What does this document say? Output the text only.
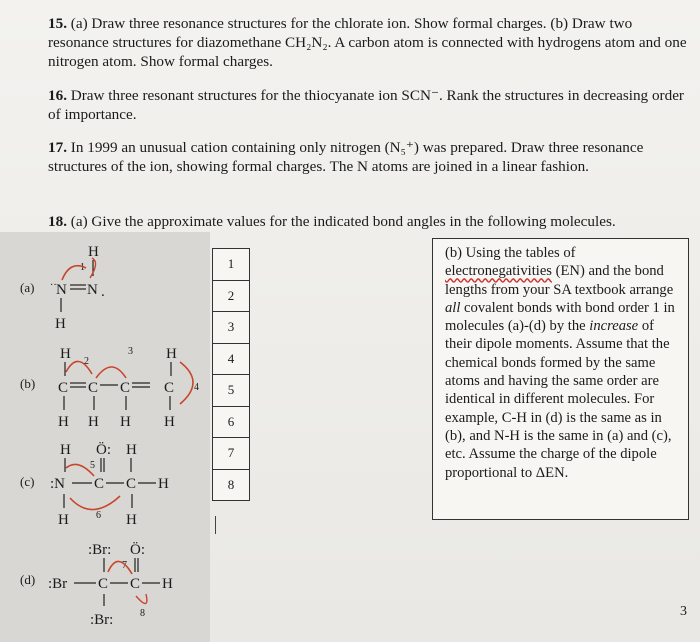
15. (a) Draw three resonance structures for the chlorate ion. Show formal charges. (b) Draw two resonance structures for diazomethane CH₂N₂. A carbon atom is connected with hydrogens atom and one nitrogen atom. Show formal charges.
16. Draw three resonant structures for the thiocyanate ion SCN⁻. Rank the structures in decreasing order of importance.
17. In 1999 an unusual cation containing only nitrogen (N₅⁺) was prepared. Draw three resonance structures of the ion, showing formal charges. The N atoms are joined in a linear fashion.
18. (a) Give the approximate values for the indicated bond angles in the following molecules.
(a)
H
N N
··	.
H
1
(b)
H	H
3
2
C C C C 4
H H H H
(c)
H Ö: H
5
:N C C H
H	6 H
(d)
:Br: Ö:
7
:Br C C H
:Br:	8
1
2
3
4
5
6
7
8
(b) Using the tables of electronegativities (EN) and the bond lengths from your SA textbook arrange all covalent bonds with bond order 1 in molecules (a)-(d) by the increase of their dipole moments. Assume that the chemical bonds formed by the same atoms and having the same order are identical in different molecules. For example, C-H in (d) is the same as in (b), and N-H is the same in (a) and (c), etc. Assume the charge of the dipole proportional to ΔEN.
3
